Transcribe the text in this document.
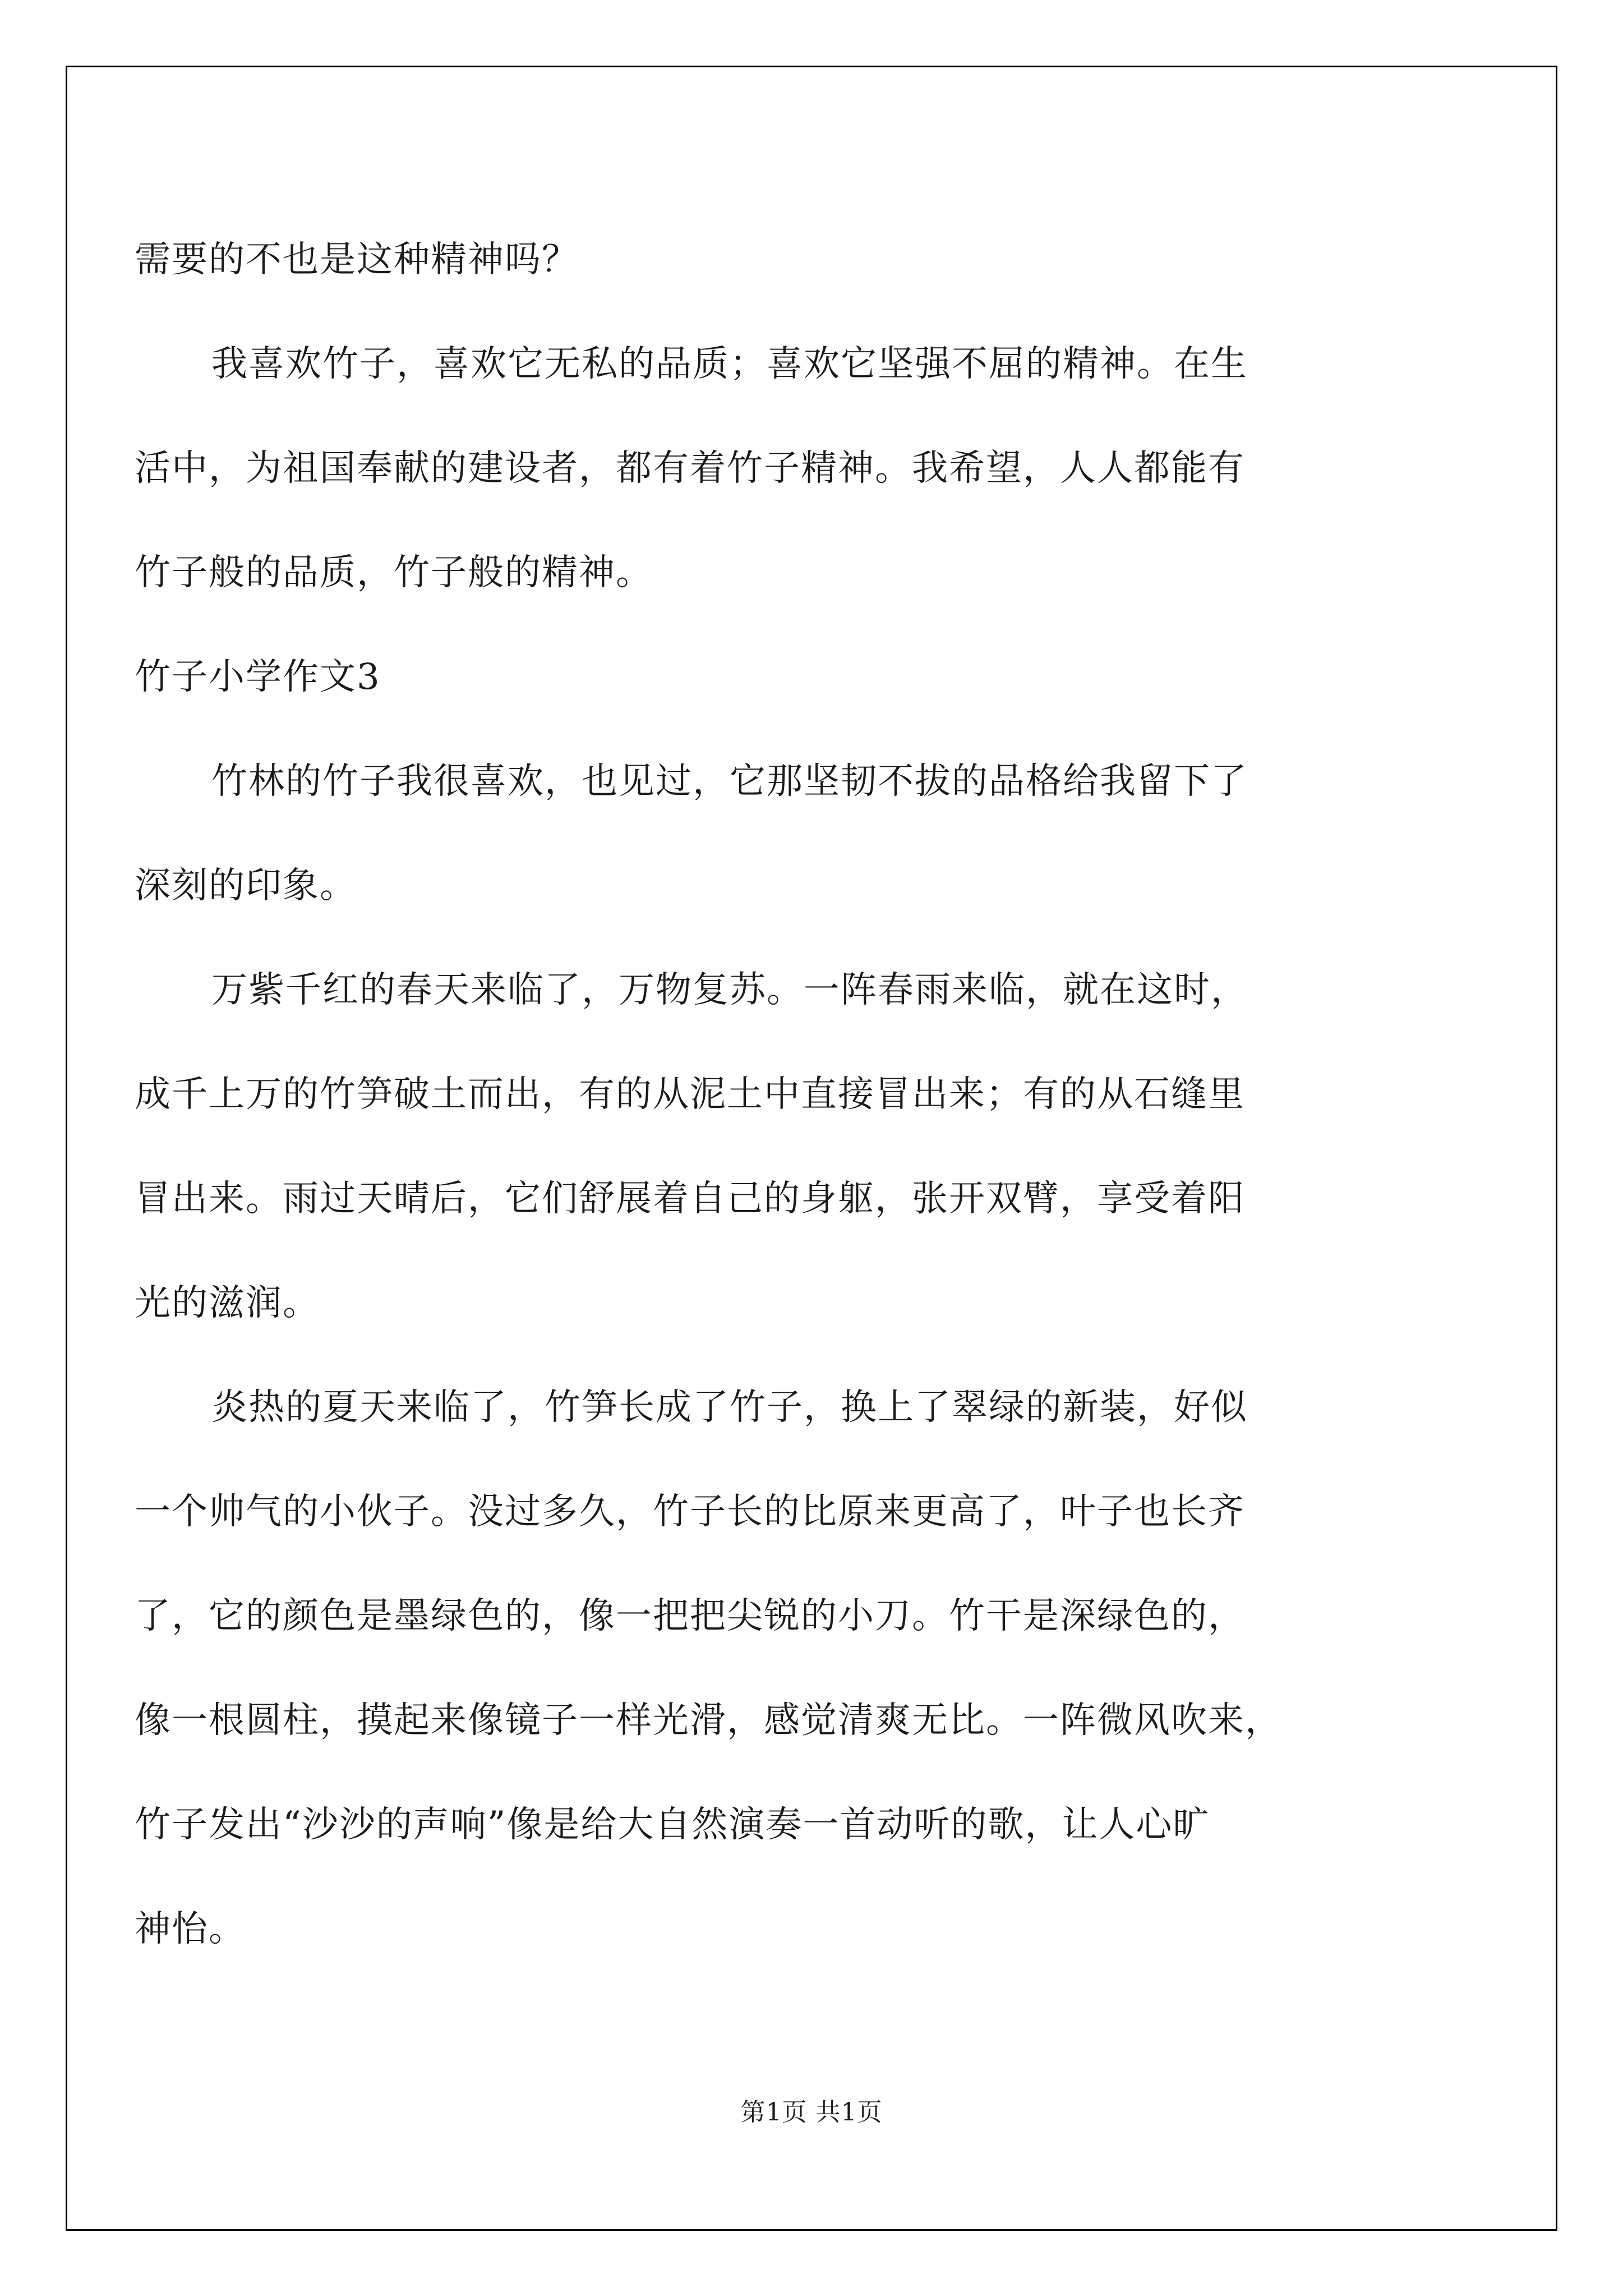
需要的不也是这种精神吗？

我喜欢竹子，喜欢它无私的品质；喜欢它坚强不屈的精神。在生

活中，为祖国奉献的建设者，都有着竹子精神。我希望，人人都能有

竹子般的品质，竹子般的精神。

竹子小学作文3

竹林的竹子我很喜欢，也见过，它那坚韧不拔的品格给我留下了

深刻的印象。

万紫千红的春天来临了，万物复苏。一阵春雨来临，就在这时，

成千上万的竹笋破土而出，有的从泥土中直接冒出来；有的从石缝里

冒出来。雨过天晴后，它们舒展着自己的身躯，张开双臂，享受着阳

光的滋润。

炎热的夏天来临了，竹笋长成了竹子，换上了翠绿的新装，好似

一个帅气的小伙子。没过多久，竹子长的比原来更高了，叶子也长齐

了，它的颜色是墨绿色的，像一把把尖锐的小刀。竹干是深绿色的，

像一根圆柱，摸起来像镜子一样光滑，感觉清爽无比。一阵微风吹来，

竹子发出“沙沙的声响”像是给大自然演奏一首动听的歌，让人心旷

神怡。

第1页 共1页
